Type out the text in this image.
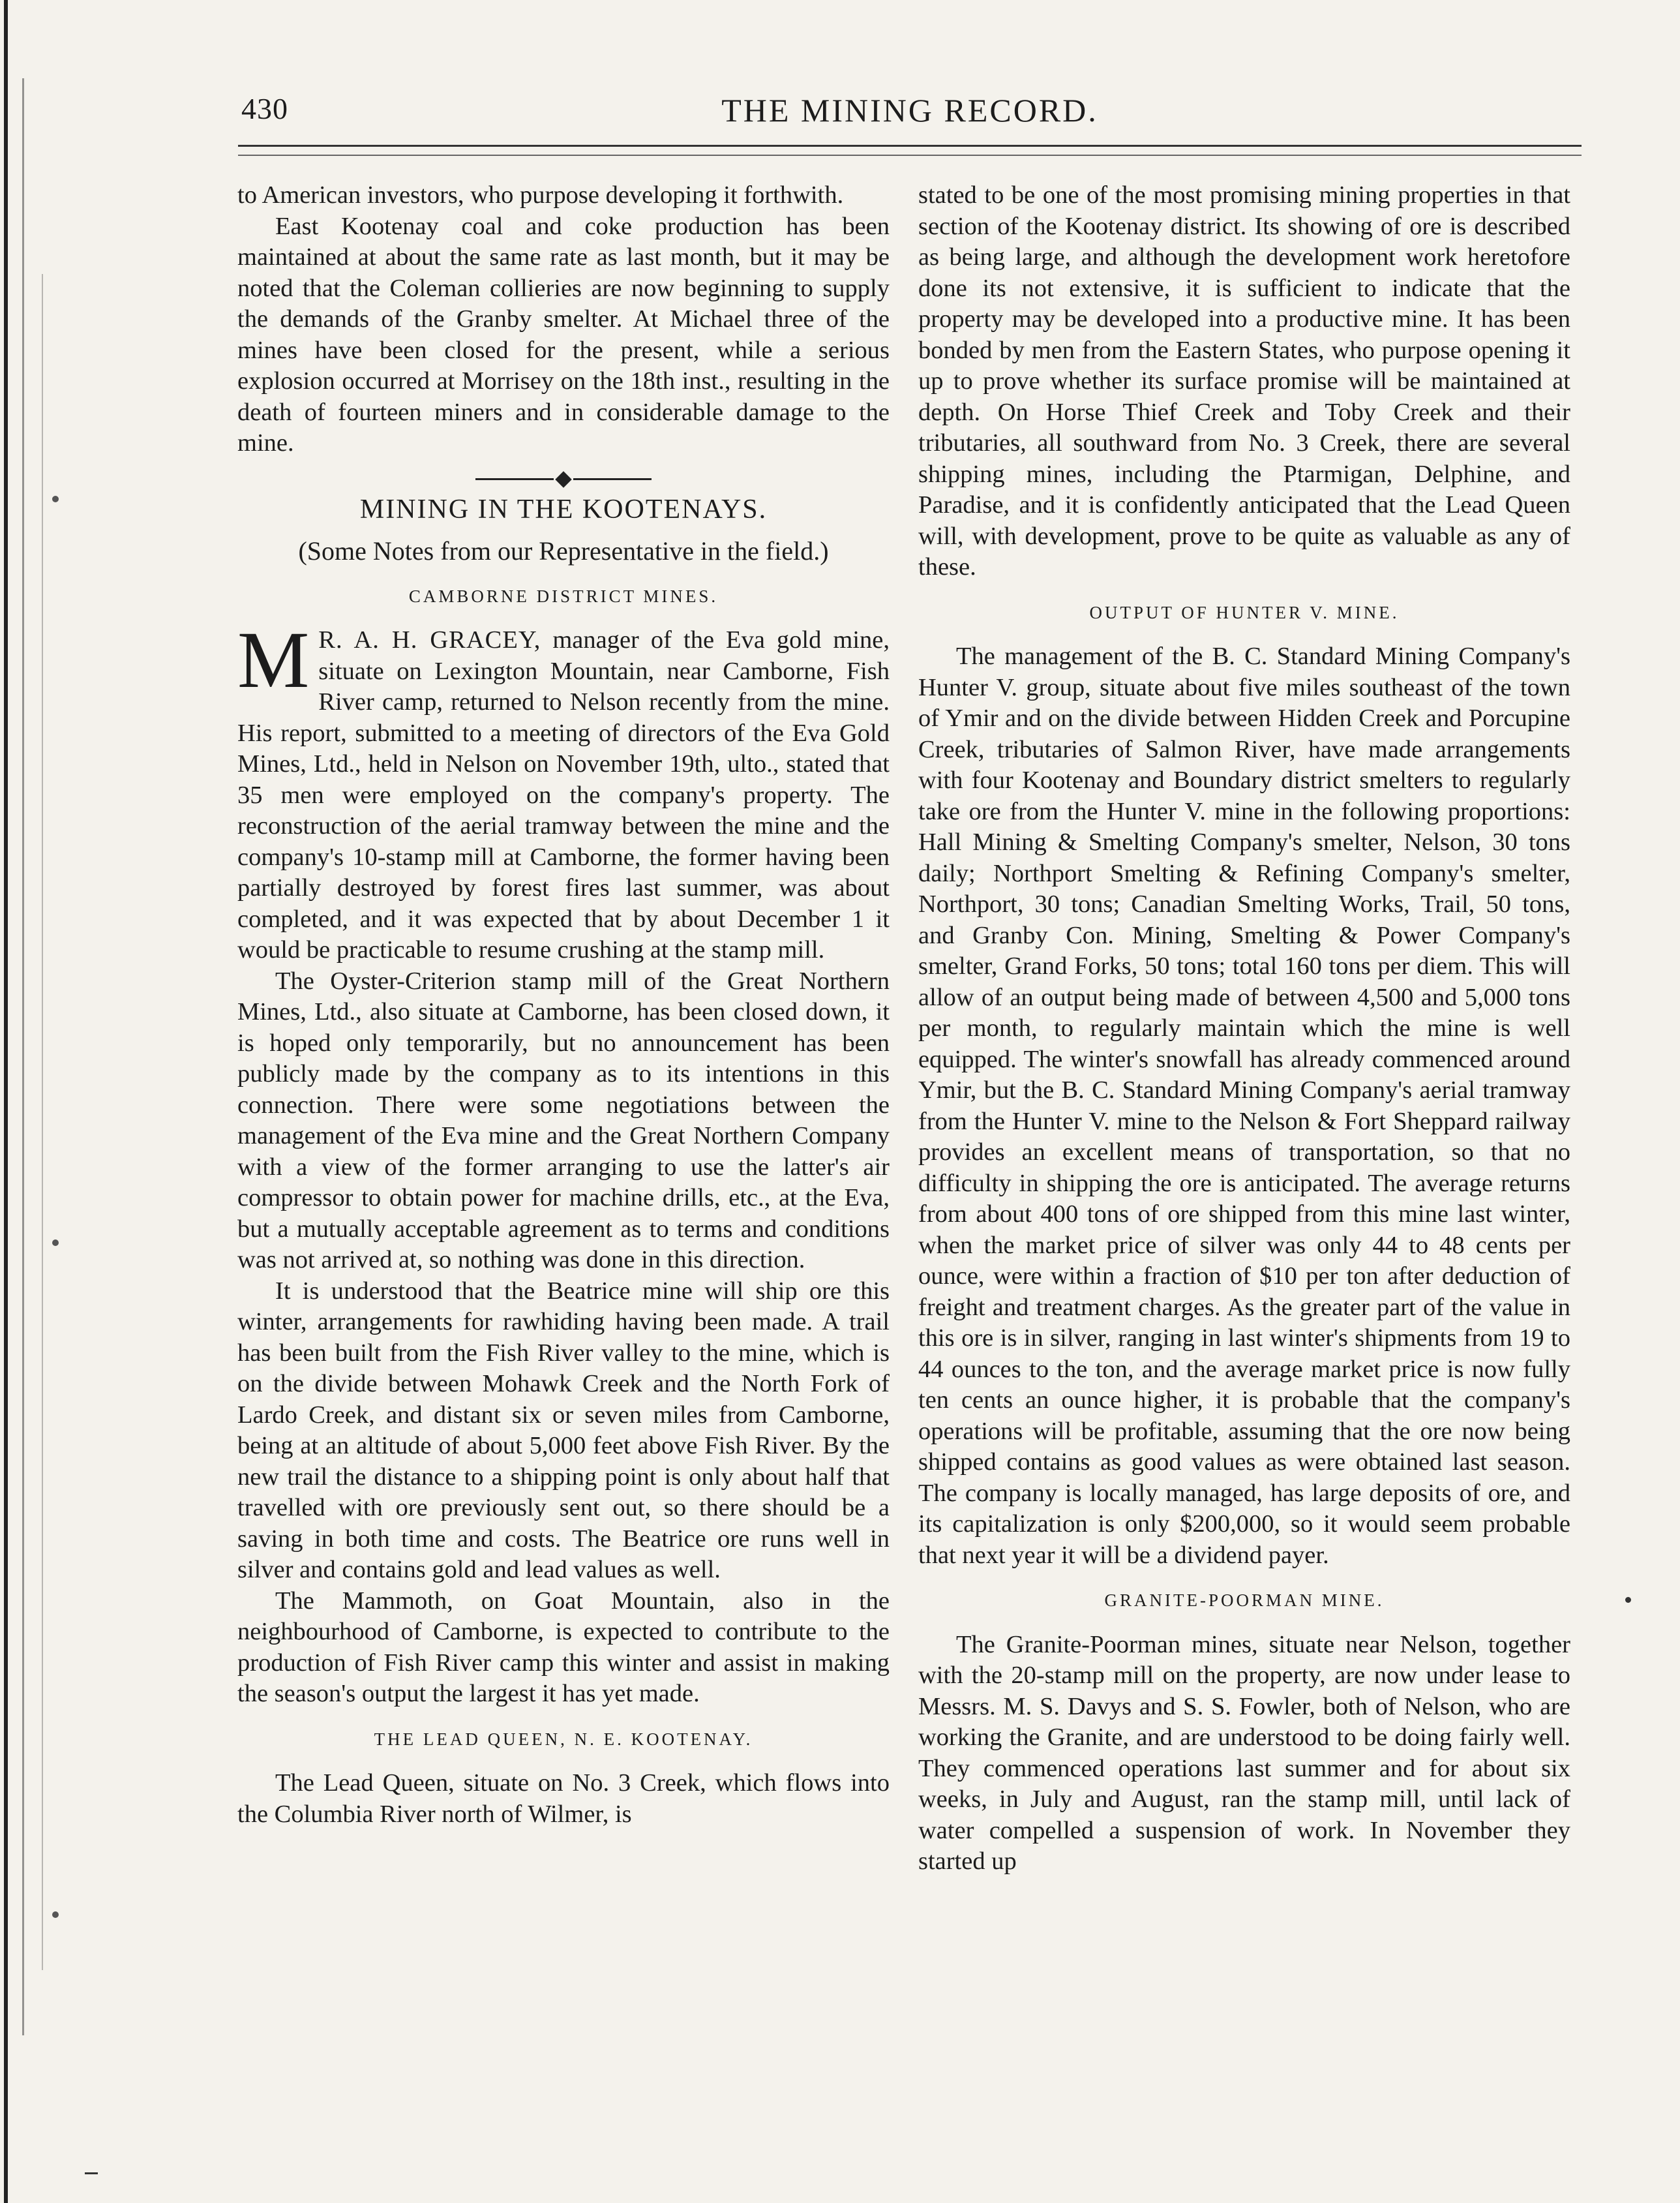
430	THE MINING RECORD.

to American investors, who purpose developing it forthwith.

East Kootenay coal and coke production has been maintained at about the same rate as last month, but it may be noted that the Coleman collieries are now beginning to supply the demands of the Granby smelter. At Michael three of the mines have been closed for the present, while a serious explosion occurred at Morrisey on the 18th inst., resulting in the death of fourteen miners and in considerable damage to the mine.

MINING IN THE KOOTENAYS.
(Some Notes from our Representative in the field.)
CAMBORNE DISTRICT MINES.
M R. A. H. GRACEY, manager of the Eva gold mine, situate on Lexington Mountain, near Camborne, Fish River camp, returned to Nelson recently from the mine. His report, submitted to a meeting of directors of the Eva Gold Mines, Ltd., held in Nelson on November 19th, ulto., stated that 35 men were employed on the company's property. The reconstruction of the aerial tramway between the mine and the company's 10-stamp mill at Camborne, the former having been partially destroyed by forest fires last summer, was about completed, and it was expected that by about December 1 it would be practicable to resume crushing at the stamp mill.

The Oyster-Criterion stamp mill of the Great Northern Mines, Ltd., also situate at Camborne, has been closed down, it is hoped only temporarily, but no announcement has been publicly made by the company as to its intentions in this connection. There were some negotiations between the management of the Eva mine and the Great Northern Company with a view of the former arranging to use the latter's air compressor to obtain power for machine drills, etc., at the Eva, but a mutually acceptable agreement as to terms and conditions was not arrived at, so nothing was done in this direction.

It is understood that the Beatrice mine will ship ore this winter, arrangements for rawhiding having been made. A trail has been built from the Fish River valley to the mine, which is on the divide between Mohawk Creek and the North Fork of Lardo Creek, and distant six or seven miles from Camborne, being at an altitude of about 5,000 feet above Fish River. By the new trail the distance to a shipping point is only about half that travelled with ore previously sent out, so there should be a saving in both time and costs. The Beatrice ore runs well in silver and contains gold and lead values as well.

The Mammoth, on Goat Mountain, also in the neighbourhood of Camborne, is expected to contribute to the production of Fish River camp this winter and assist in making the season's output the largest it has yet made.

THE LEAD QUEEN, N. E. KOOTENAY.

The Lead Queen, situate on No. 3 Creek, which flows into the Columbia River north of Wilmer, is

stated to be one of the most promising mining properties in that section of the Kootenay district. Its showing of ore is described as being large, and although the development work heretofore done its not extensive, it is sufficient to indicate that the property may be developed into a productive mine. It has been bonded by men from the Eastern States, who purpose opening it up to prove whether its surface promise will be maintained at depth. On Horse Thief Creek and Toby Creek and their tributaries, all southward from No. 3 Creek, there are several shipping mines, including the Ptarmigan, Delphine, and Paradise, and it is confidently anticipated that the Lead Queen will, with development, prove to be quite as valuable as any of these.

OUTPUT OF HUNTER V. MINE.

The management of the B. C. Standard Mining Company's Hunter V. group, situate about five miles southeast of the town of Ymir and on the divide between Hidden Creek and Porcupine Creek, tributaries of Salmon River, have made arrangements with four Kootenay and Boundary district smelters to regularly take ore from the Hunter V. mine in the following proportions: Hall Mining & Smelting Company's smelter, Nelson, 30 tons daily; Northport Smelting & Refining Company's smelter, Northport, 30 tons; Canadian Smelting Works, Trail, 50 tons, and Granby Con. Mining, Smelting & Power Company's smelter, Grand Forks, 50 tons; total 160 tons per diem. This will allow of an output being made of between 4,500 and 5,000 tons per month, to regularly maintain which the mine is well equipped. The winter's snowfall has already commenced around Ymir, but the B. C. Standard Mining Company's aerial tramway from the Hunter V. mine to the Nelson & Fort Sheppard railway provides an excellent means of transportation, so that no difficulty in shipping the ore is anticipated. The average returns from about 400 tons of ore shipped from this mine last winter, when the market price of silver was only 44 to 48 cents per ounce, were within a fraction of $10 per ton after deduction of freight and treatment charges. As the greater part of the value in this ore is in silver, ranging in last winter's shipments from 19 to 44 ounces to the ton, and the average market price is now fully ten cents an ounce higher, it is probable that the company's operations will be profitable, assuming that the ore now being shipped contains as good values as were obtained last season. The company is locally managed, has large deposits of ore, and its capitalization is only $200,000, so it would seem probable that next year it will be a dividend payer.

GRANITE-POORMAN MINE.

The Granite-Poorman mines, situate near Nelson, together with the 20-stamp mill on the property, are now under lease to Messrs. M. S. Davys and S. S. Fowler, both of Nelson, who are working the Granite, and are understood to be doing fairly well. They commenced operations last summer and for about six weeks, in July and August, ran the stamp mill, until lack of water compelled a suspension of work. In November they started up
